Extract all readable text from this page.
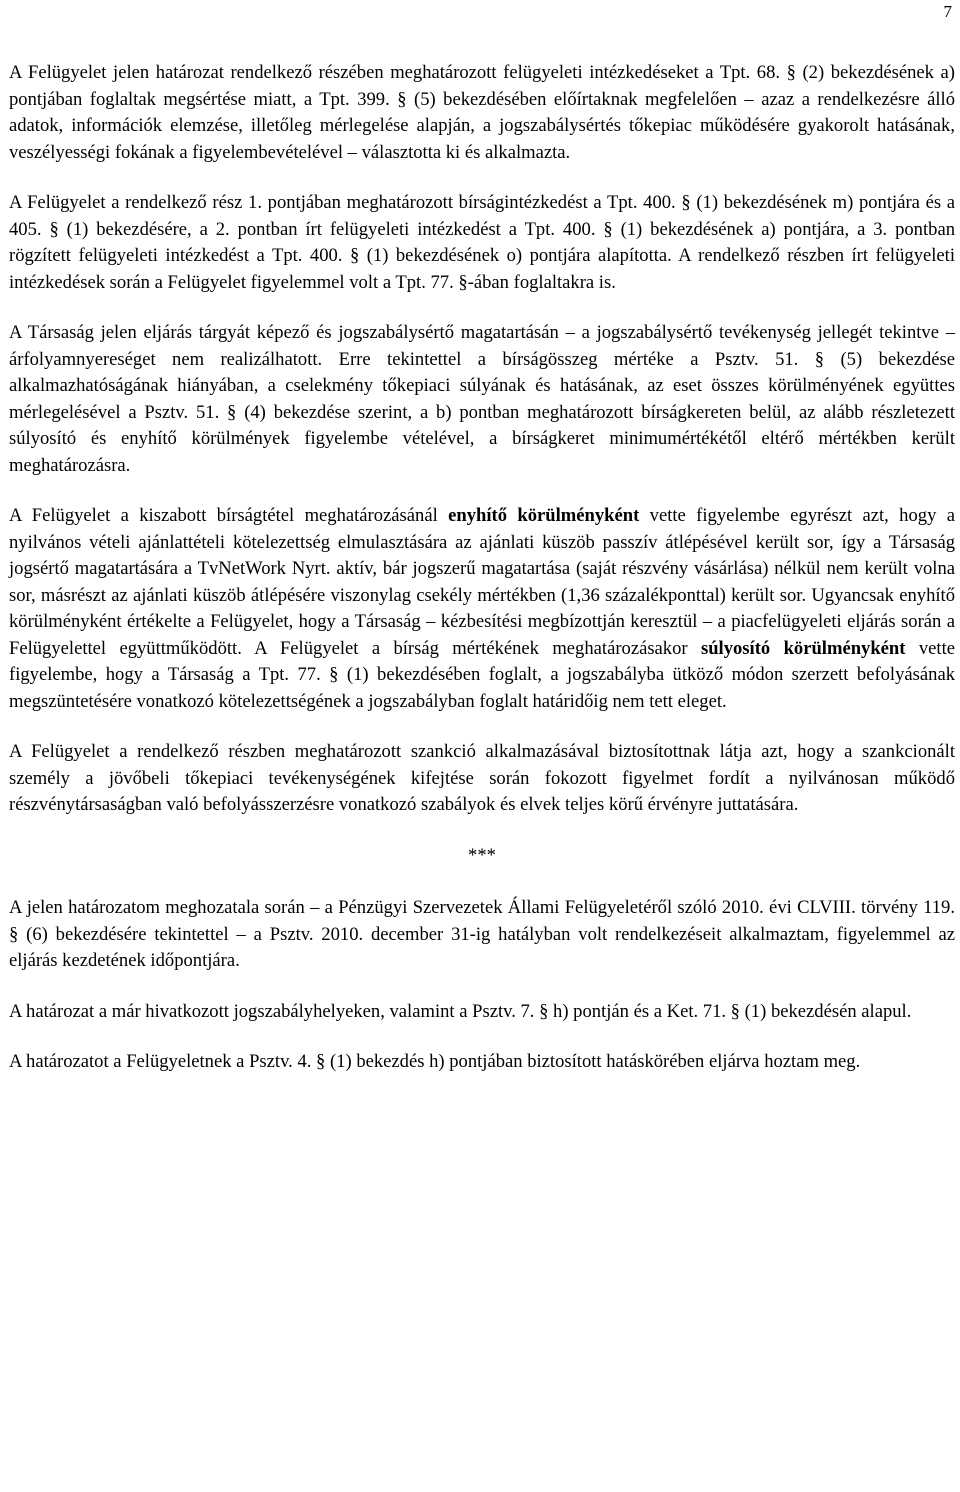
7

A Felügyelet jelen határozat rendelkező részében meghatározott felügyeleti intézkedéseket a Tpt. 68. § (2) bekezdésének a) pontjában foglaltak megsértése miatt, a Tpt. 399. § (5) bekezdésében előírtaknak megfelelően – azaz a rendelkezésre álló adatok, információk elemzése, illetőleg mérlegelése alapján, a jogszabálysértés tőkepiac működésére gyakorolt hatásának, veszélyességi fokának a figyelembevételével – választotta ki és alkalmazta.

A Felügyelet a rendelkező rész 1. pontjában meghatározott bírságintézkedést a Tpt. 400. § (1) bekezdésének m) pontjára és a 405. § (1) bekezdésére, a 2. pontban írt felügyeleti intézkedést a Tpt. 400. § (1) bekezdésének a) pontjára, a 3. pontban rögzített felügyeleti intézkedést a Tpt. 400. § (1) bekezdésének o) pontjára alapította. A rendelkező részben írt felügyeleti intézkedések során a Felügyelet figyelemmel volt a Tpt. 77. §-ában foglaltakra is.

A Társaság jelen eljárás tárgyát képező és jogszabálysértő magatartásán – a jogszabálysértő tevékenység jellegét tekintve – árfolyamnyereséget nem realizálhatott. Erre tekintettel a bírságösszeg mértéke a Psztv. 51. § (5) bekezdése alkalmazhatóságának hiányában, a cselekmény tőkepiaci súlyának és hatásának, az eset összes körülményének együttes mérlegelésével a Psztv. 51. § (4) bekezdése szerint, a b) pontban meghatározott bírságkereten belül, az alább részletezett súlyosító és enyhítő körülmények figyelembe vételével, a bírságkeret minimumértékétől eltérő mértékben került meghatározásra.

A Felügyelet a kiszabott bírságtétel meghatározásánál enyhítő körülményként vette figyelembe egyrészt azt, hogy a nyilvános vételi ajánlattételi kötelezettség elmulasztására az ajánlati küszöb passzív átlépésével került sor, így a Társaság jogsértő magatartására a TvNetWork Nyrt. aktív, bár jogszerű magatartása (saját részvény vásárlása) nélkül nem került volna sor, másrészt az ajánlati küszöb átlépésére viszonylag csekély mértékben (1,36 százalékponttal) került sor. Ugyancsak enyhítő körülményként értékelte a Felügyelet, hogy a Társaság – kézbesítési megbízottján keresztül – a piacfelügyeleti eljárás során a Felügyelettel együttműködött. A Felügyelet a bírság mértékének meghatározásakor súlyosító körülményként vette figyelembe, hogy a Társaság a Tpt. 77. § (1) bekezdésében foglalt, a jogszabályba ütköző módon szerzett befolyásának megszüntetésére vonatkozó kötelezettségének a jogszabályban foglalt határidőig nem tett eleget.

A Felügyelet a rendelkező részben meghatározott szankció alkalmazásával biztosítottnak látja azt, hogy a szankcionált személy a jövőbeli tőkepiaci tevékenységének kifejtése során fokozott figyelmet fordít a nyilvánosan működő részvénytársaságban való befolyásszerzésre vonatkozó szabályok és elvek teljes körű érvényre juttatására.

***

A jelen határozatom meghozatala során – a Pénzügyi Szervezetek Állami Felügyeletéről szóló 2010. évi CLVIII. törvény 119. § (6) bekezdésére tekintettel – a Psztv. 2010. december 31-ig hatályban volt rendelkezéseit alkalmaztam, figyelemmel az eljárás kezdetének időpontjára.

A határozat a már hivatkozott jogszabályhelyeken, valamint a Psztv. 7. § h) pontján és a Ket. 71. § (1) bekezdésén alapul.

A határozatot a Felügyeletnek a Psztv. 4. § (1) bekezdés h) pontjában biztosított hatáskörében eljárva hoztam meg.
